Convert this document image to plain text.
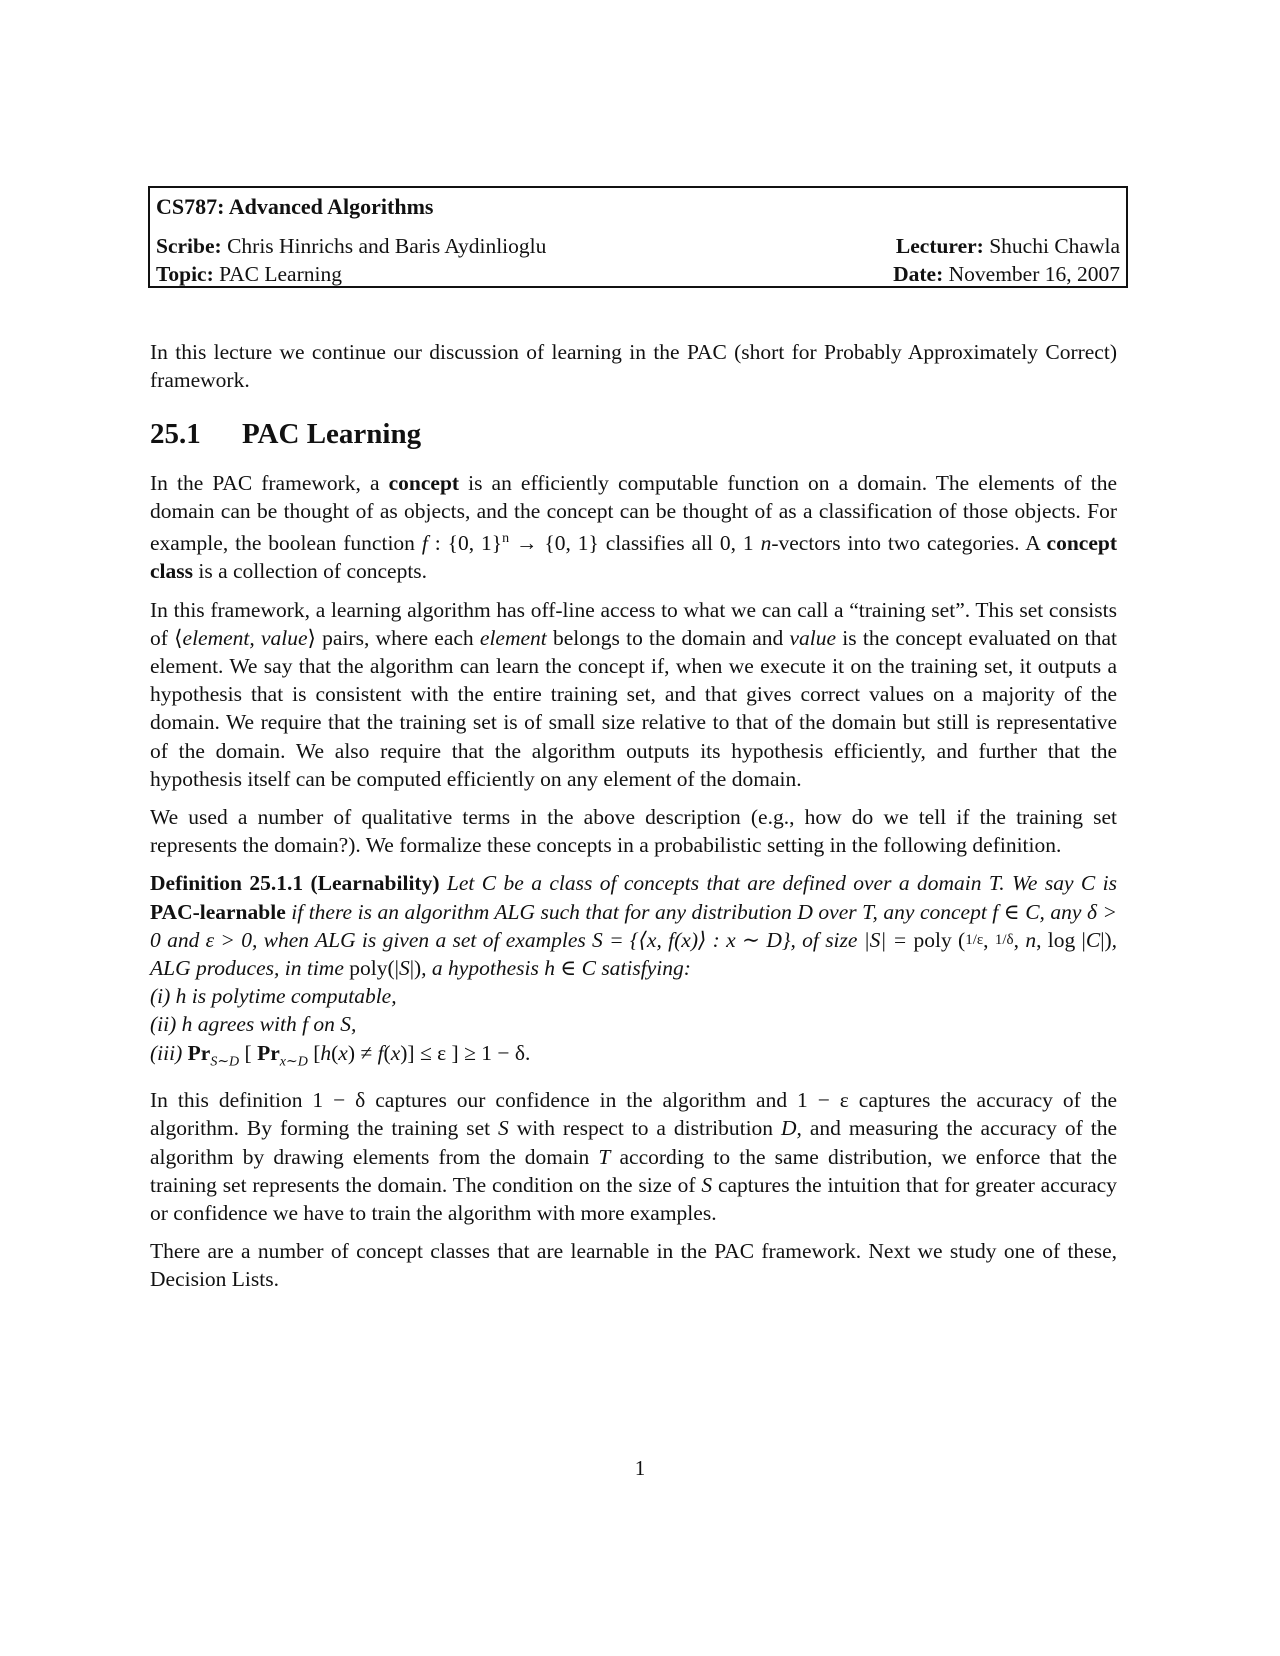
CS787: Advanced Algorithms
Scribe: Chris Hinrichs and Baris Aydinlioglu	Lecturer: Shuchi Chawla
Topic: PAC Learning	Date: November 16, 2007

In this lecture we continue our discussion of learning in the PAC (short for Probably Approximately Correct) framework.

25.1 PAC Learning

In the PAC framework, a concept is an efficiently computable function on a domain. The elements of the domain can be thought of as objects, and the concept can be thought of as a classification of those objects. For example, the boolean function f : {0, 1}$^n$ → {0, 1} classifies all 0, 1 n-vectors into two categories. A concept class is a collection of concepts.

In this framework, a learning algorithm has off-line access to what we can call a “training set”. This set consists of ⟨element, value⟩ pairs, where each element belongs to the domain and value is the concept evaluated on that element. We say that the algorithm can learn the concept if, when we execute it on the training set, it outputs a hypothesis that is consistent with the entire training set, and that gives correct values on a majority of the domain. We require that the training set is of small size relative to that of the domain but still is representative of the domain. We also require that the algorithm outputs its hypothesis efficiently, and further that the hypothesis itself can be computed efficiently on any element of the domain.

We used a number of qualitative terms in the above description (e.g., how do we tell if the training set represents the domain?). We formalize these concepts in a probabilistic setting in the following definition.

Definition 25.1.1 (Learnability) Let C be a class of concepts that are defined over a domain T. We say C is PAC-learnable if there is an algorithm ALG such that for any distribution D over T, any concept f ∈ C, any δ > 0 and ε > 0, when ALG is given a set of examples S = {⟨x, f(x)⟩ : x ∼ D}, of size |S| = poly (1/ε, 1/δ, n, log |C|), ALG produces, in time poly(|S|), a hypothesis h ∈ C satisfying:
(i) h is polytime computable,
(ii) h agrees with f on S,
(iii) $Pr_{S\sim D}$ [ $Pr_{x\sim D}$ [h(x) ≠ f(x)] ≤ ε ] ≥ 1 − δ.

In this definition 1 − δ captures our confidence in the algorithm and 1 − ε captures the accuracy of the algorithm. By forming the training set S with respect to a distribution D, and measuring the accuracy of the algorithm by drawing elements from the domain T according to the same distribution, we enforce that the training set represents the domain. The condition on the size of S captures the intuition that for greater accuracy or confidence we have to train the algorithm with more examples.

There are a number of concept classes that are learnable in the PAC framework. Next we study one of these, Decision Lists.

1
